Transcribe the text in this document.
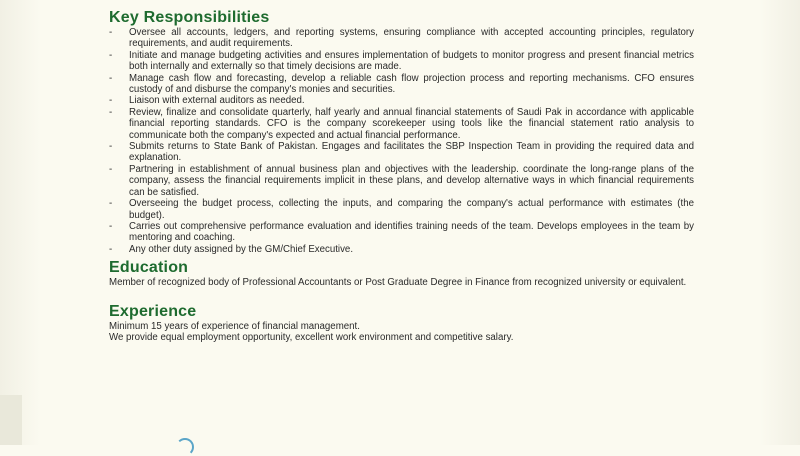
Key Responsibilities
- Oversee all accounts, ledgers, and reporting systems, ensuring compliance with accepted accounting principles, regulatory requirements, and audit requirements.
- Initiate and manage budgeting activities and ensures implementation of budgets to monitor progress and present financial metrics both internally and externally so that timely decisions are made.
- Manage cash flow and forecasting, develop a reliable cash flow projection process and reporting mechanisms. CFO ensures custody of and disburse the company's monies and securities.
- Liaison with external auditors as needed.
- Review, finalize and consolidate quarterly, half yearly and annual financial statements of Saudi Pak in accordance with applicable financial reporting standards. CFO is the company scorekeeper using tools like the financial statement ratio analysis to communicate both the company's expected and actual financial performance.
- Submits returns to State Bank of Pakistan. Engages and facilitates the SBP Inspection Team in providing the required data and explanation.
- Partnering in establishment of annual business plan and objectives with the leadership. coordinate the long-range plans of the company, assess the financial requirements implicit in these plans, and develop alternative ways in which financial requirements can be satisfied.
- Overseeing the budget process, collecting the inputs, and comparing the company's actual performance with estimates (the budget).
- Carries out comprehensive performance evaluation and identifies training needs of the team. Develops employees in the team by mentoring and coaching.
- Any other duty assigned by the GM/Chief Executive.
Education

Member of recognized body of Professional Accountants or Post Graduate Degree in Finance from recognized university or equivalent.

Experience

Minimum 15 years of experience of financial management.

We provide equal employment opportunity, excellent work environment and competitive salary.
